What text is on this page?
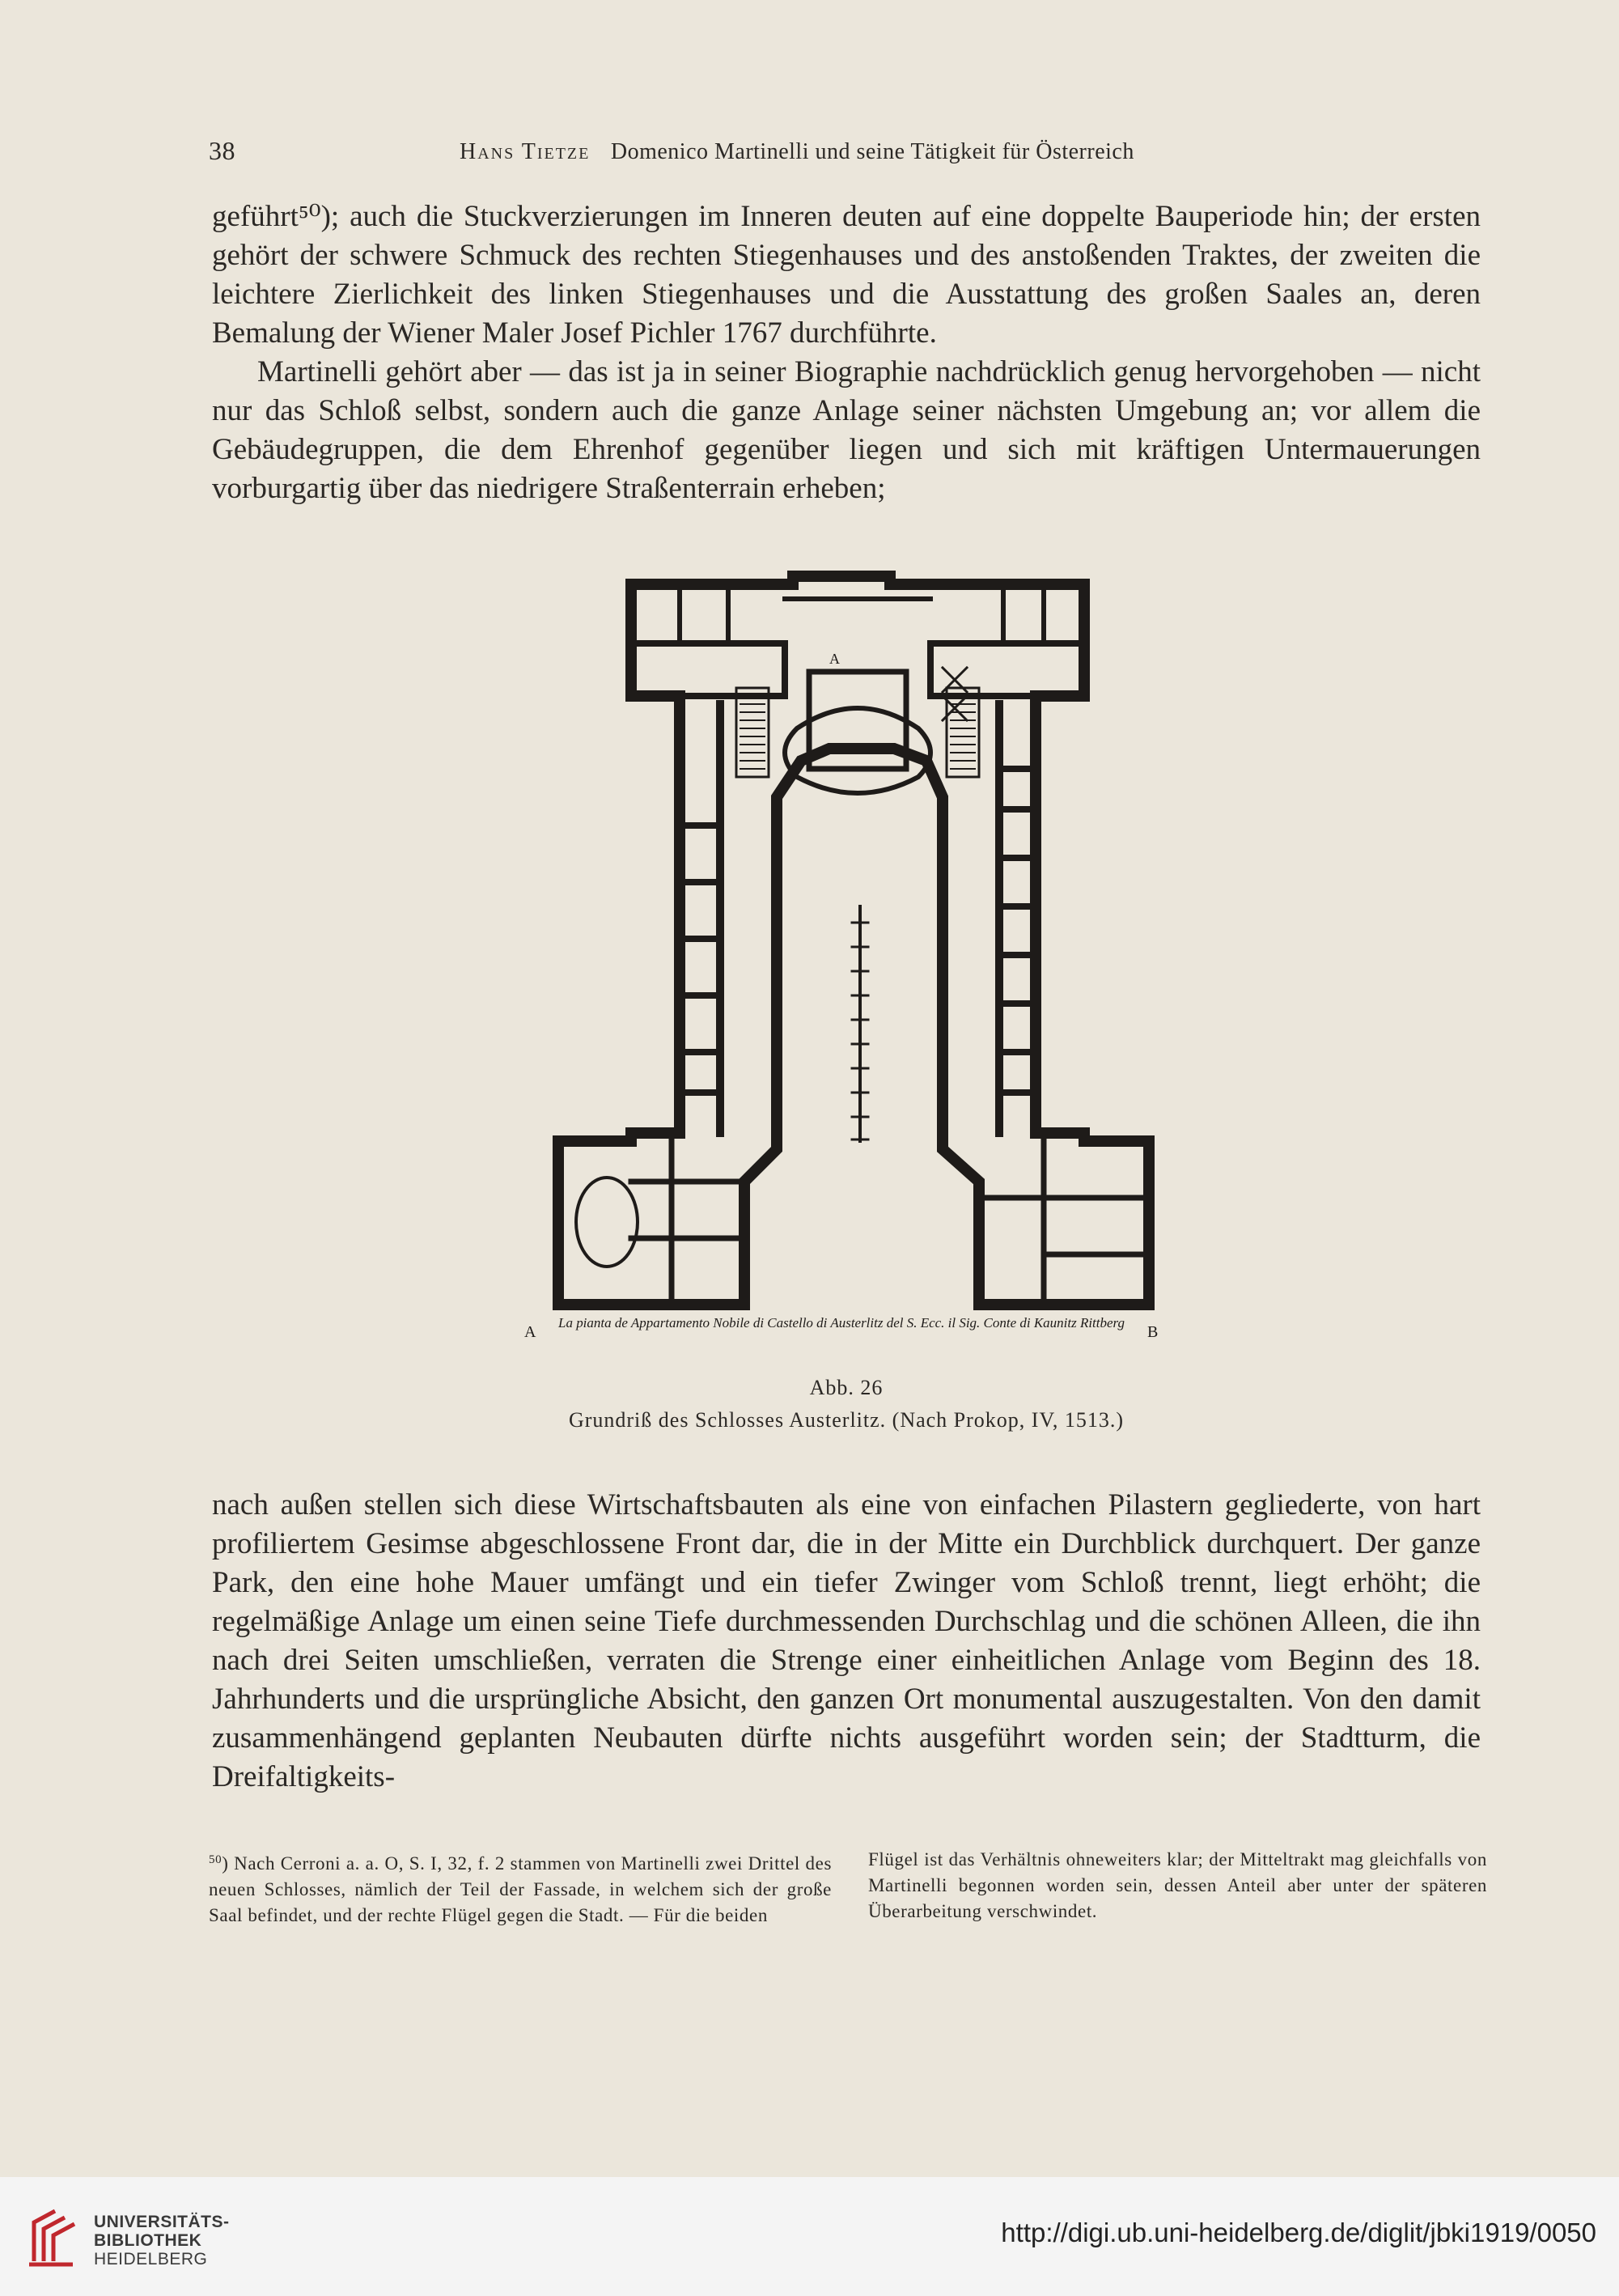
38	Hans Tietze Domenico Martinelli und seine Tätigkeit für Österreich

geführt⁵⁰); auch die Stuckverzierungen im Inneren deuten auf eine doppelte Bauperiode hin; der ersten gehört der schwere Schmuck des rechten Stiegenhauses und des anstoßenden Traktes, der zweiten die leichtere Zierlichkeit des linken Stiegenhauses und die Ausstattung des großen Saales an, deren Bemalung der Wiener Maler Josef Pichler 1767 durchführte.

Martinelli gehört aber — das ist ja in seiner Biographie nachdrücklich genug hervorgehoben — nicht nur das Schloß selbst, sondern auch die ganze Anlage seiner nächsten Umgebung an; vor allem die Gebäudegruppen, die dem Ehrenhof gegenüber liegen und sich mit kräftigen Untermauerungen vorburgartig über das niedrigere Straßenterrain erheben;

A
A	B
La pianta de Appartamento Nobile di Castello di Austerlitz del S. Ecc. il Sig. Conte di Kaunitz Rittberg
Abb. 26
Grundriß des Schlosses Austerlitz. (Nach Prokop, IV, 1513.)

nach außen stellen sich diese Wirtschaftsbauten als eine von einfachen Pilastern gegliederte, von hart profiliertem Gesimse abgeschlossene Front dar, die in der Mitte ein Durchblick durchquert. Der ganze Park, den eine hohe Mauer umfängt und ein tiefer Zwinger vom Schloß trennt, liegt erhöht; die regelmäßige Anlage um einen seine Tiefe durchmessenden Durchschlag und die schönen Alleen, die ihn nach drei Seiten umschließen, verraten die Strenge einer einheitlichen Anlage vom Beginn des 18. Jahrhunderts und die ursprüngliche Absicht, den ganzen Ort monumental auszugestalten. Von den damit zusammenhängend geplanten Neubauten dürfte nichts ausgeführt worden sein; der Stadtturm, die Dreifaltigkeits-

$^{50}$) Nach Cerroni a. a. O, S. I, 32, f. 2 stammen von Martinelli zwei Drittel des neuen Schlosses, nämlich der Teil der Fassade, in welchem sich der große Saal befindet, und der rechte Flügel gegen die Stadt. — Für die beiden
Flügel ist das Verhältnis ohneweiters klar; der Mitteltrakt mag gleichfalls von Martinelli begonnen worden sein, dessen Anteil aber unter der späteren Überarbeitung verschwindet.
UNIVERSITÄTS-
BIBLIOTHEK
HEIDELBERG
http://digi.ub.uni-heidelberg.de/diglit/jbki1919/0050
